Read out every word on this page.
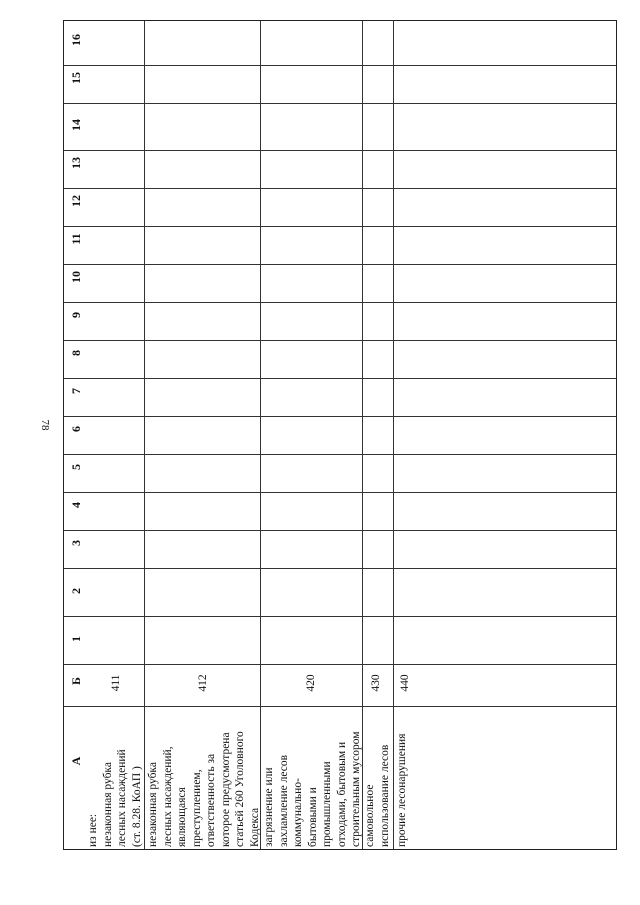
78
А
Б
1
2
3
4
5
6
7
8
9
10
11
12
13
14
15
16
из нее:
незаконная рубка
лесных насаждений
(ст. 8.28. КоАП )
411
незаконная рубка
лесных насаждений,
являющаяся
преступлением,
ответственность за
которое предусмотрена
статьей 260 Уголовного
Кодекса
412
загрязнение или
захламление лесов
коммунально-
бытовыми и
промышленными
отходами, бытовым и
строительным мусором
420
самовольное
использование лесов
430
прочие лесонарушения
440
